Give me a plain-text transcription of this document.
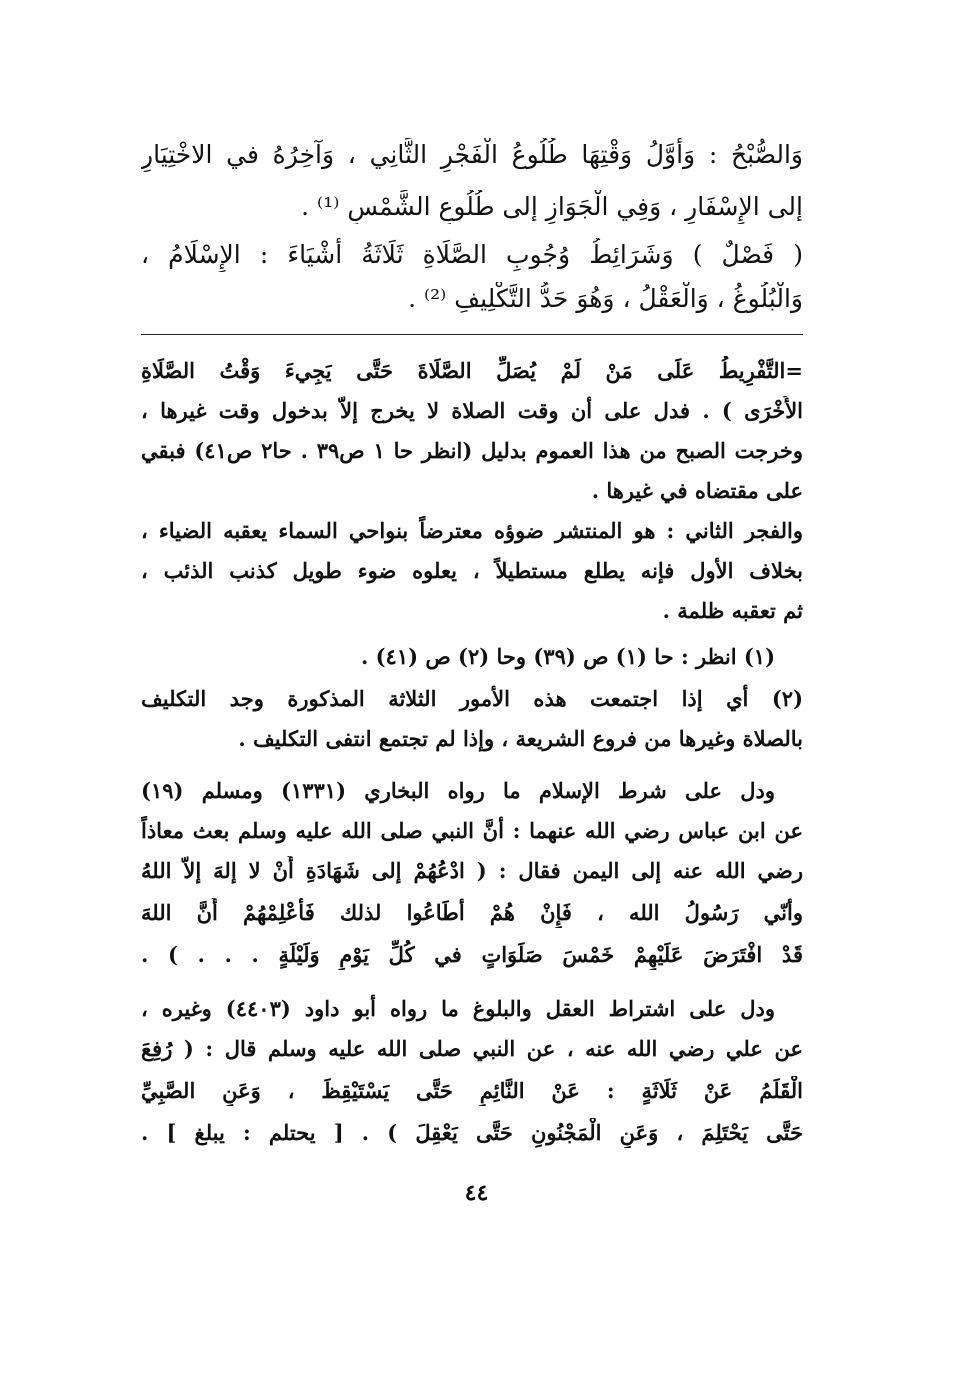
وَالصُّبْحُ : وَأَوَّلُ وَقْتِهَا طُلُوعُ الْفَجْرِ الثَّانِي ، وَآخِرُهُ في الاخْتِيَارِ
إلى الإِسْفَارِ ، وَفِي الْجَوَازِ إلى طُلُوعِ الشَّمْسِ ⁽¹⁾ .
( فَصْلٌ ) وَشَرَائِطُ وُجُوبِ الصَّلَاةِ ثَلَاثَةُ أَشْيَاءَ : الإِسْلَامُ ،
وَالْبُلُوغُ ، وَالْعَقْلُ ، وَهُوَ حَدُّ التَّكْلِيفِ ⁽²⁾ .
=التَّفْرِيطُ عَلَى مَنْ لَمْ يُصَلِّ الصَّلَاةَ حَتَّى يَجِيءَ وَقْتُ الصَّلَاةِ
الأُخْرَى ) . فدل على أن وقت الصلاة لا يخرج إلاّ بدخول وقت غيرها ،
وخرجت الصبح من هذا العموم بدليل (انظر حا ١ ص٣٩ . حا٢ ص٤١) فبقي
على مقتضاه في غيرها .
والفجر الثاني : هو المنتشر ضوؤه معترضاً بنواحي السماء يعقبه الضياء ،
بخلاف الأول فإنه يطلع مستطيلاً ، يعلوه ضوء طويل كذنب الذئب ،
ثم تعقبه ظلمة .
(١) انظر : حا (١) ص (٣٩) وحا (٢) ص (٤١) .
(٢) أي إذا اجتمعت هذه الأمور الثلاثة المذكورة وجد التكليف
بالصلاة وغيرها من فروع الشريعة ، وإذا لم تجتمع انتفى التكليف .
ودل على شرط الإسلام ما رواه البخاري (١٣٣١) ومسلم (١٩)
عن ابن عباس رضي الله عنهما : أنَّ النبي صلى الله عليه وسلم بعث معاذاً
رضي الله عنه إلى اليمن فقال : ( ادْعُهُمْ إلى شَهَادَةِ أَنْ لا إلهَ إلاّ اللهُ
وأنّي رَسُولُ الله ، فَإِنْ هُمْ أطَاعُوا لذلك فَأَعْلِمْهُمْ أَنَّ اللهَ
قَدْ افْتَرَضَ عَلَيْهِمْ خَمْسَ صَلَوَاتٍ في كُلِّ يَوْمٍ وَلَيْلَةٍ . . . ) .
ودل على اشتراط العقل والبلوغ ما رواه أبو داود (٤٤٠٣) وغيره ،
عن علي رضي الله عنه ، عن النبي صلى الله عليه وسلم قال : ( رُفِعَ
الْقَلَمُ عَنْ ثَلَاثَةٍ : عَنْ النَّائِمِ حَتَّى يَسْتَيْقِظَ ، وَعَنِ الصَّبِيِّ
حَتَّى يَحْتَلِمَ ، وَعَنِ الْمَجْنُونِ حَتَّى يَعْقِلَ ) . [ يحتلم : يبلغ ] .
٤٤
